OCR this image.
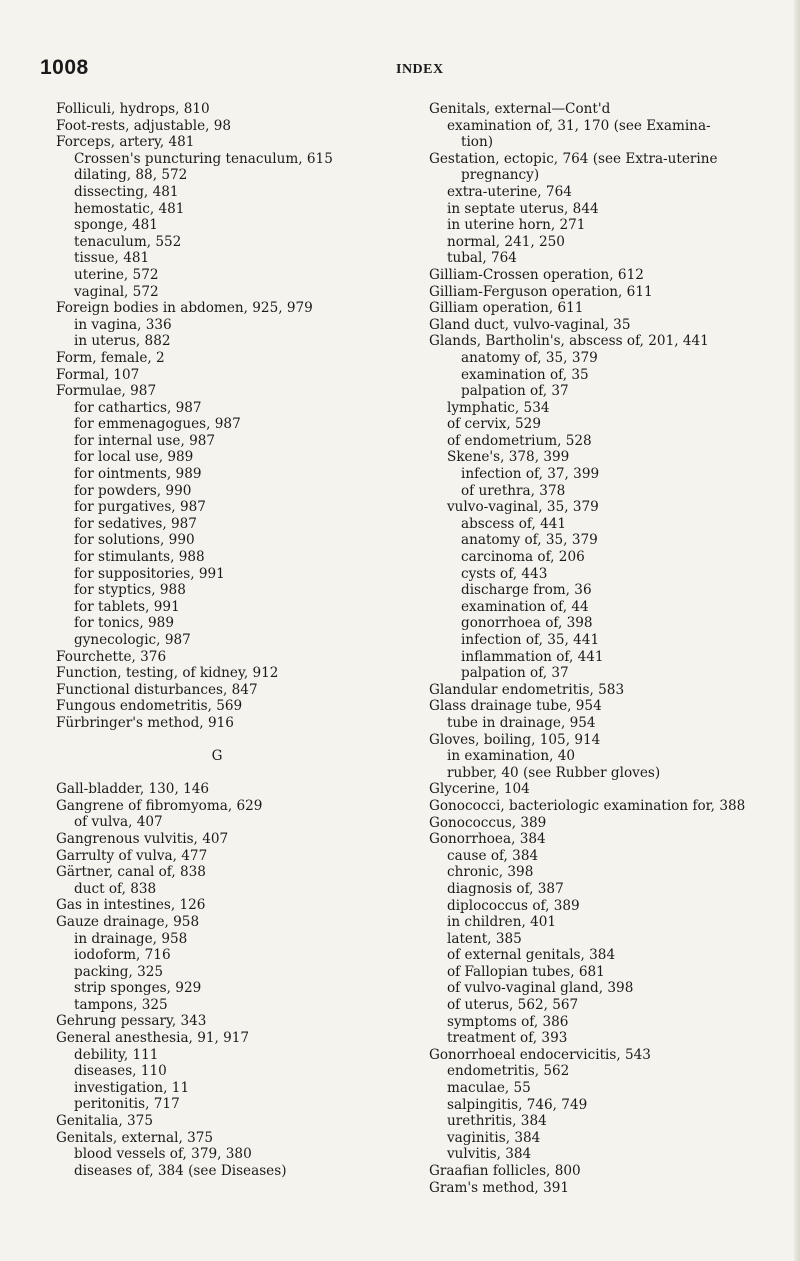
1008	INDEX
Folliculi, hydrops, 810
Foot-rests, adjustable, 98
Forceps, artery, 481
Crossen's puncturing tenaculum, 615
dilating, 88, 572
dissecting, 481
hemostatic, 481
sponge, 481
tenaculum, 552
tissue, 481
uterine, 572
vaginal, 572
Foreign bodies in abdomen, 925, 979
in vagina, 336
in uterus, 882
Form, female, 2
Formal, 107
Formulae, 987
for cathartics, 987
for emmenagogues, 987
for internal use, 987
for local use, 989
for ointments, 989
for powders, 990
for purgatives, 987
for sedatives, 987
for solutions, 990
for stimulants, 988
for suppositories, 991
for styptics, 988
for tablets, 991
for tonics, 989
gynecologic, 987
Fourchette, 376
Function, testing, of kidney, 912
Functional disturbances, 847
Fungous endometritis, 569
Fürbringer's method, 916
G
Gall-bladder, 130, 146
Gangrene of fibromyoma, 629
of vulva, 407
Gangrenous vulvitis, 407
Garrulty of vulva, 477
Gärtner, canal of, 838
duct of, 838
Gas in intestines, 126
Gauze drainage, 958
in drainage, 958
iodoform, 716
packing, 325
strip sponges, 929
tampons, 325
Gehrung pessary, 343
General anesthesia, 91, 917
debility, 111
diseases, 110
investigation, 11
peritonitis, 717
Genitalia, 375
Genitals, external, 375
blood vessels of, 379, 380
diseases of, 384 (see Diseases)
Genitals, external—Cont'd
examination of, 31, 170 (see Examina-
tion)
Gestation, ectopic, 764 (see Extra-uterine
pregnancy)
extra-uterine, 764
in septate uterus, 844
in uterine horn, 271
normal, 241, 250
tubal, 764
Gilliam-Crossen operation, 612
Gilliam-Ferguson operation, 611
Gilliam operation, 611
Gland duct, vulvo-vaginal, 35
Glands, Bartholin's, abscess of, 201, 441
anatomy of, 35, 379
examination of, 35
palpation of, 37
lymphatic, 534
of cervix, 529
of endometrium, 528
Skene's, 378, 399
infection of, 37, 399
of urethra, 378
vulvo-vaginal, 35, 379
abscess of, 441
anatomy of, 35, 379
carcinoma of, 206
cysts of, 443
discharge from, 36
examination of, 44
gonorrhoea of, 398
infection of, 35, 441
inflammation of, 441
palpation of, 37
Glandular endometritis, 583
Glass drainage tube, 954
tube in drainage, 954
Gloves, boiling, 105, 914
in examination, 40
rubber, 40 (see Rubber gloves)
Glycerine, 104
Gonococci, bacteriologic examination for, 388
Gonococcus, 389
Gonorrhoea, 384
cause of, 384
chronic, 398
diagnosis of, 387
diplococcus of, 389
in children, 401
latent, 385
of external genitals, 384
of Fallopian tubes, 681
of vulvo-vaginal gland, 398
of uterus, 562, 567
symptoms of, 386
treatment of, 393
Gonorrhoeal endocervicitis, 543
endometritis, 562
maculae, 55
salpingitis, 746, 749
urethritis, 384
vaginitis, 384
vulvitis, 384
Graafian follicles, 800
Gram's method, 391
